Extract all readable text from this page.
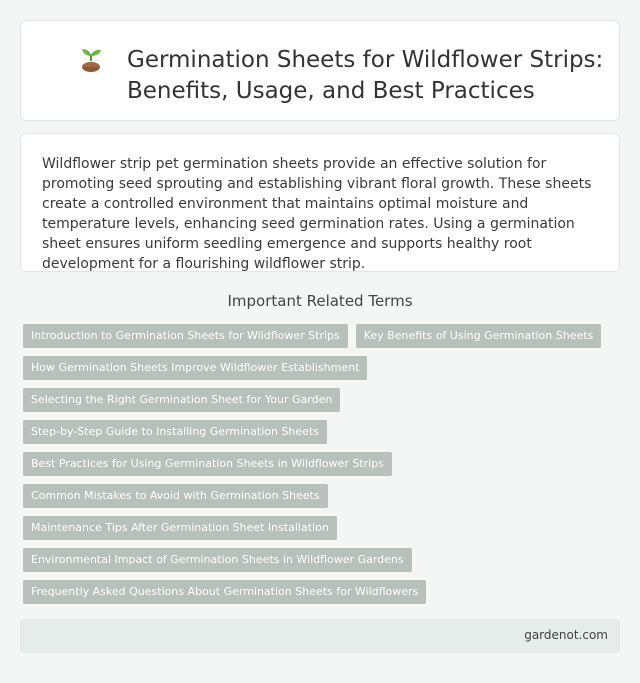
Germination Sheets for Wildflower Strips: Benefits, Usage, and Best Practices

Wildflower strip pet germination sheets provide an effective solution for promoting seed sprouting and establishing vibrant floral growth. These sheets create a controlled environment that maintains optimal moisture and temperature levels, enhancing seed germination rates. Using a germination sheet ensures uniform seedling emergence and supports healthy root development for a flourishing wildflower strip.

Important Related Terms
Introduction to Germination Sheets for Wildflower Strips	Key Benefits of Using Germination Sheets
How Germination Sheets Improve Wildflower Establishment
Selecting the Right Germination Sheet for Your Garden
Step-by-Step Guide to Installing Germination Sheets
Best Practices for Using Germination Sheets in Wildflower Strips
Common Mistakes to Avoid with Germination Sheets
Maintenance Tips After Germination Sheet Installation
Environmental Impact of Germination Sheets in Wildflower Gardens
Frequently Asked Questions About Germination Sheets for Wildflowers
gardenot.com
